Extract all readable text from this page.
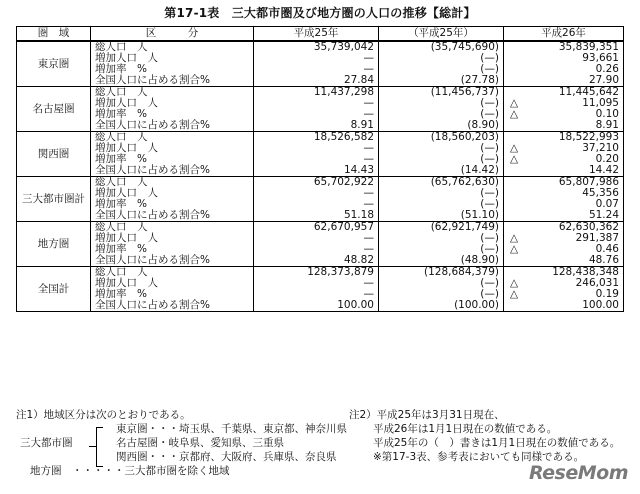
第17-1表　三大都市圏及び地方圏の人口の推移【総計】
圏　域	区　　　分	平成25年	（平成25年）	平成26年
東京圏	総人口　人	35,739,042	(35,745,690)	35,839,351
	増加人口　人	—	(—)	93,661
	増加率　%	—	(—)	0.26
	全国人口に占める割合%	27.84	(27.78)	27.90
名古屋圏	総人口　人	11,437,298	(11,456,737)	11,445,642
	増加人口　人	—	(—)	△ 11,095
	増加率　%	—	(—)	△ 0.10
	全国人口に占める割合%	8.91	(8.90)	8.91
関西圏	総人口　人	18,526,582	(18,560,203)	18,522,993
	増加人口　人	—	(—)	△ 37,210
	増加率　%	—	(—)	△ 0.20
	全国人口に占める割合%	14.43	(14.42)	14.42
三大都市圏計	総人口　人	65,702,922	(65,762,630)	65,807,986
	増加人口　人	—	(—)	45,356
	増加率　%	—	(—)	0.07
	全国人口に占める割合%	51.18	(51.10)	51.24
地方圏	総人口　人	62,670,957	(62,921,749)	62,630,362
	増加人口　人	—	(—)	△ 291,387
	増加率　%	—	(—)	△ 0.46
	全国人口に占める割合%	48.82	(48.90)	48.76
全国計	総人口　人	128,373,879	(128,684,379)	128,438,348
	増加人口　人	—	(—)	△ 246,031
	増加率　%	—	(—)	△ 0.19
	全国人口に占める割合%	100.00	(100.00)	100.00
注1）地域区分は次のとおりである。
東京圏・・・埼玉県、千葉県、東京都、神奈川県
三大都市圏	名古屋圏・岐阜県、愛知県、三重県
関西圏・・・京都府、大阪府、兵庫県、奈良県
地方圏　・・・・・三大都市圏を除く地域
注2）平成25年は3月31日現在、
平成26年は1月1日現在の数値である。
平成25年の（　）書きは1月1日現在の数値である。
※第17-3表、参考表においても同様である。
ReseMom
